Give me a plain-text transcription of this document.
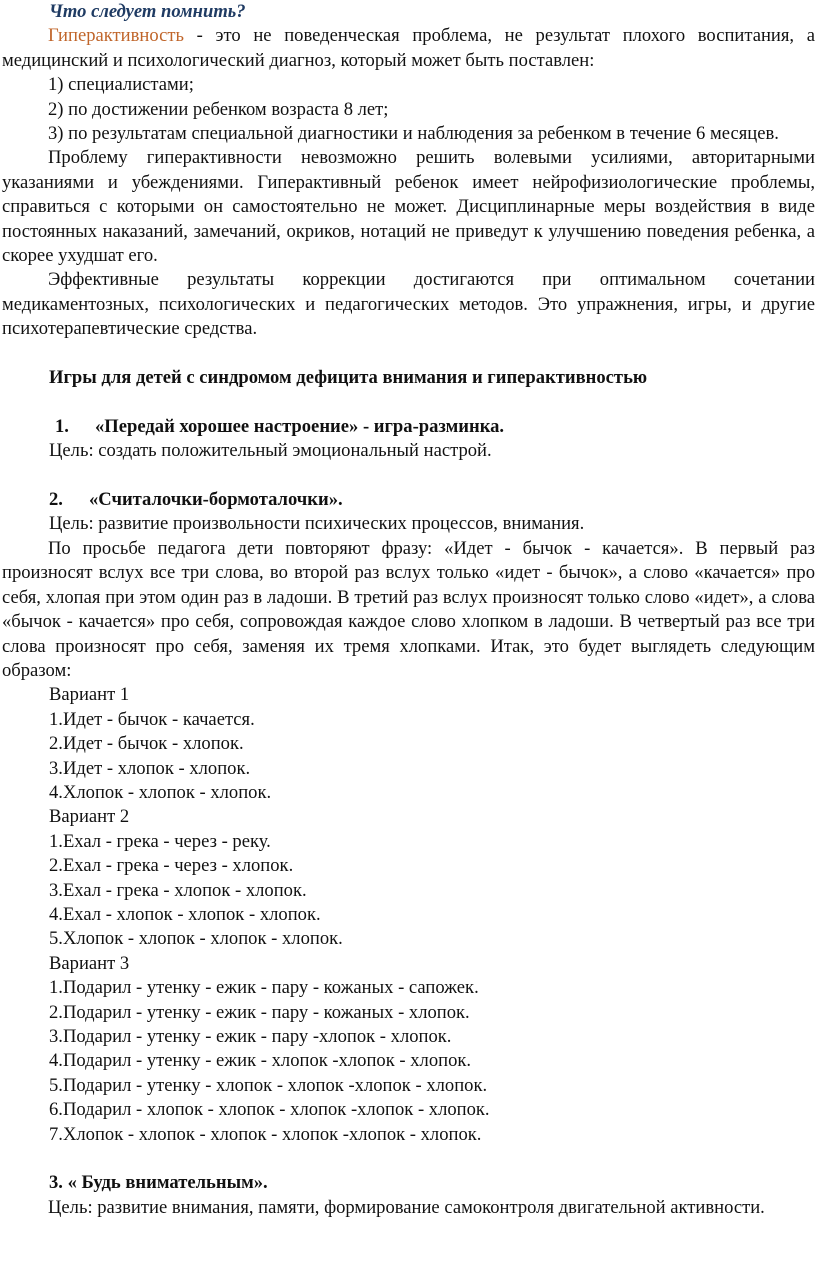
Что следует помнить?

Гиперактивность - это не поведенческая проблема, не результат плохого воспитания, а медицинский и психологический диагноз, который может быть поставлен:

1) специалистами;

2) по достижении ребенком возраста 8 лет;

3) по результатам специальной диагностики и наблюдения за ребенком в течение 6 месяцев.

Проблему гиперактивности невозможно решить волевыми усилиями, авторитарными указаниями и убеждениями. Гиперактивный ребенок имеет нейрофизиологические проблемы, справиться с которыми он самостоятельно не может. Дисциплинарные меры воздействия в виде постоянных наказаний, замечаний, окриков, нотаций не приведут к улучшению поведения ребенка, а скорее ухудшат его.

Эффективные результаты коррекции достигаются при оптимальном сочетании медикаментозных, психологических и педагогических методов. Это упражнения, игры, и другие психотерапевтические средства.

Игры для детей с синдромом дефицита внимания и гиперактивностью

1. «Передай хорошее настроение» - игра-разминка.

Цель: создать положительный эмоциональный настрой.

2. «Считалочки-бормоталочки».

Цель: развитие произвольности психических процессов, внимания.

По просьбе педагога дети повторяют фразу: «Идет - бычок - качается». В первый раз произносят вслух все три слова, во второй раз вслух только «идет - бычок», а слово «качается» про себя, хлопая при этом один раз в ладоши. В третий раз вслух произносят только слово «идет», а слова «бычок - качается» про себя, сопровождая каждое слово хлопком в ладоши. В четвертый раз все три слова произносят про себя, заменяя их тремя хлопками. Итак, это будет выглядеть следующим образом:

Вариант 1

1.Идет - бычок - качается.

2.Идет - бычок - хлопок.

3.Идет - хлопок - хлопок.

4.Хлопок - хлопок - хлопок.

Вариант 2

1.Ехал - грека - через - реку.

2.Ехал - грека - через - хлопок.

3.Ехал - грека - хлопок - хлопок.

4.Ехал - хлопок - хлопок - хлопок.

5.Хлопок - хлопок - хлопок - хлопок.

Вариант 3

1.Подарил - утенку - ежик - пару - кожаных - сапожек.

2.Подарил - утенку - ежик - пару - кожаных - хлопок.

3.Подарил - утенку - ежик - пару -хлопок - хлопок.

4.Подарил - утенку - ежик - хлопок -хлопок - хлопок.

5.Подарил - утенку - хлопок - хлопок -хлопок - хлопок.

6.Подарил - хлопок - хлопок - хлопок -хлопок - хлопок.

7.Хлопок - хлопок - хлопок - хлопок -хлопок - хлопок.

3. « Будь внимательным».

Цель: развитие внимания, памяти, формирование самоконтроля двигательной активности.
